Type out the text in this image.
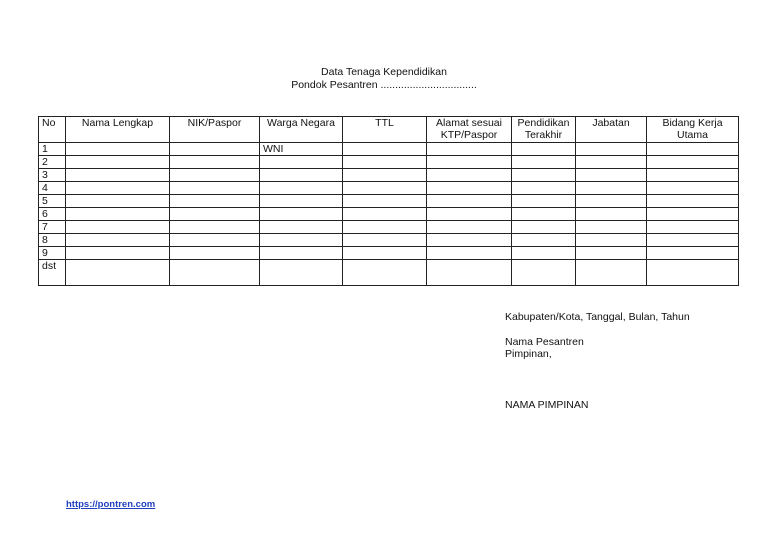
Data Tenaga Kependidikan
Pondok Pesantren .................................
No	Nama Lengkap	NIK/Paspor	Warga Negara	TTL	Alamat sesuai KTP/Paspor	Pendidikan Terakhir	Jabatan	Bidang Kerja Utama
1			WNI					
2								
3								
4								
5								
6								
7								
8								
9								
dst								
Kabupaten/Kota, Tanggal, Bulan, Tahun
Nama Pesantren
Pimpinan,
NAMA PIMPINAN
https://pontren.com
